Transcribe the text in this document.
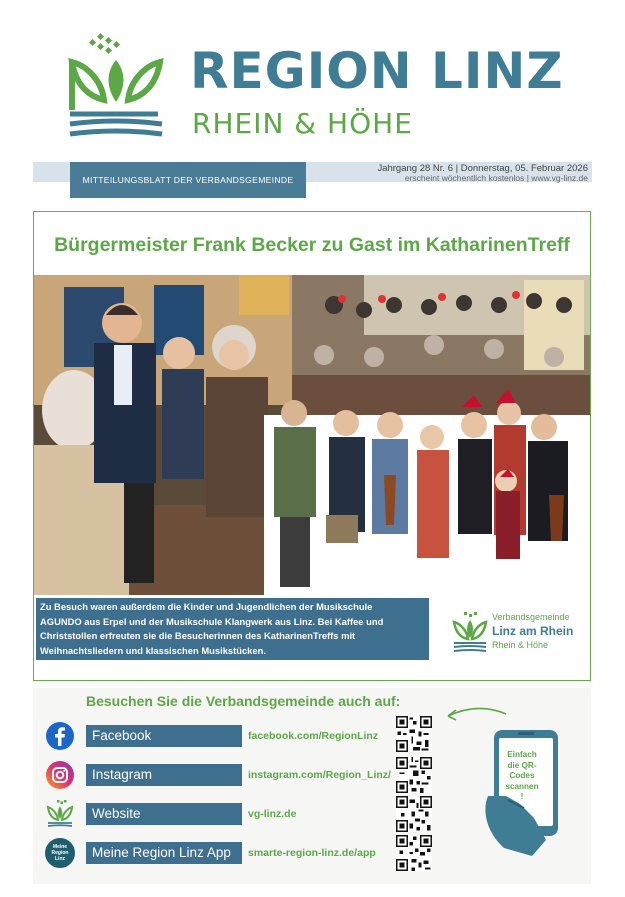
REGION LINZ
RHEIN & HÖHE
MITTEILUNGSBLATT DER VERBANDSGEMEINDE
Jahrgang 28 Nr. 6 | Donnerstag, 05. Februar 2026
erscheint wöchentlich kostenlos | www.vg-linz.de
Bürgermeister Frank Becker zu Gast im KatharinenTreff
Zu Besuch waren außerdem die Kinder und Jugendlichen der Musikschule
AGUNDO aus Erpel und der Musikschule Klangwerk aus Linz. Bei Kaffee und
Christstollen erfreuten sie die Besucherinnen des KatharinenTreffs mit
Weihnachtsliedern und klassischen Musikstücken.
Verbandsgemeinde
Linz am Rhein
Rhein & Höhe
Besuchen Sie die Verbandsgemeinde auch auf:
Facebook	facebook.com/RegionLinz
Instagram	instagram.com/Region_Linz/
Website	vg-linz.de
Meine
Region
Linz	Meine Region Linz App	smarte-region-linz.de/app
Einfach
die QR-
Codes
scannen
!
